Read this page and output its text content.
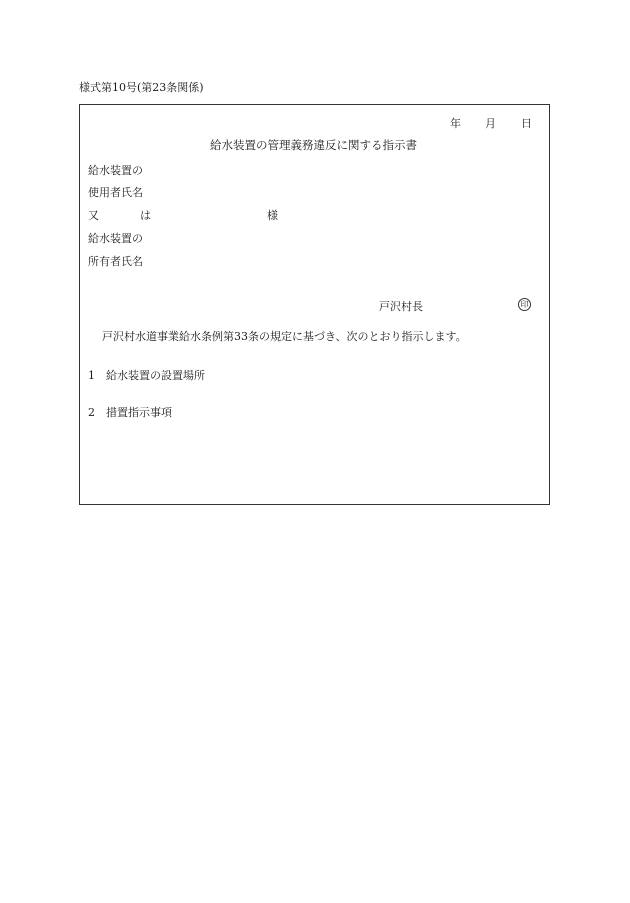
様式第10号(第23条関係)
年 月 日
給水装置の管理義務違反に関する指示書
給水装置の
使用者氏名
又	は	様
給水装置の
所有者氏名
戸沢村長	印
戸沢村水道事業給水条例第33条の規定に基づき、次のとおり指示します。
1 給水装置の設置場所
2 措置指示事項
